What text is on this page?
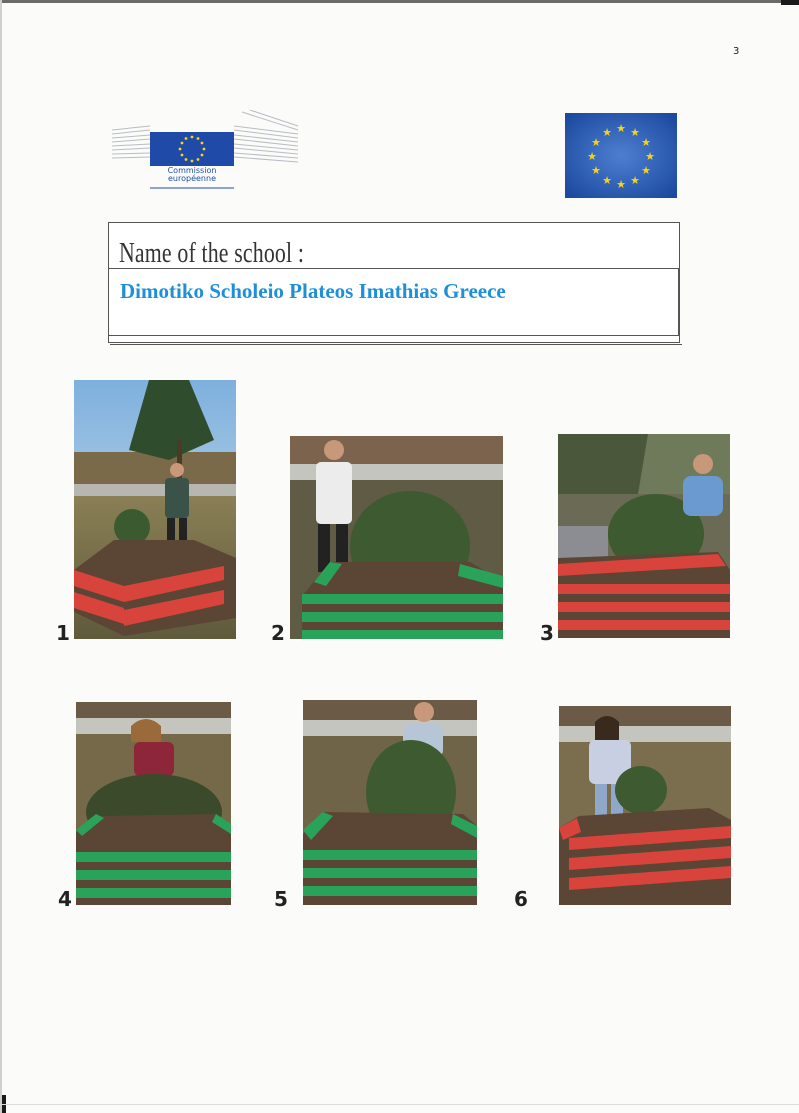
3
Commission
européenne
★ ★
★
★
★
★
★
★
★
★
★
★
Name of the school :
Dimotiko Scholeio Plateos Imathias Greece
1	2	3
4	5	6
